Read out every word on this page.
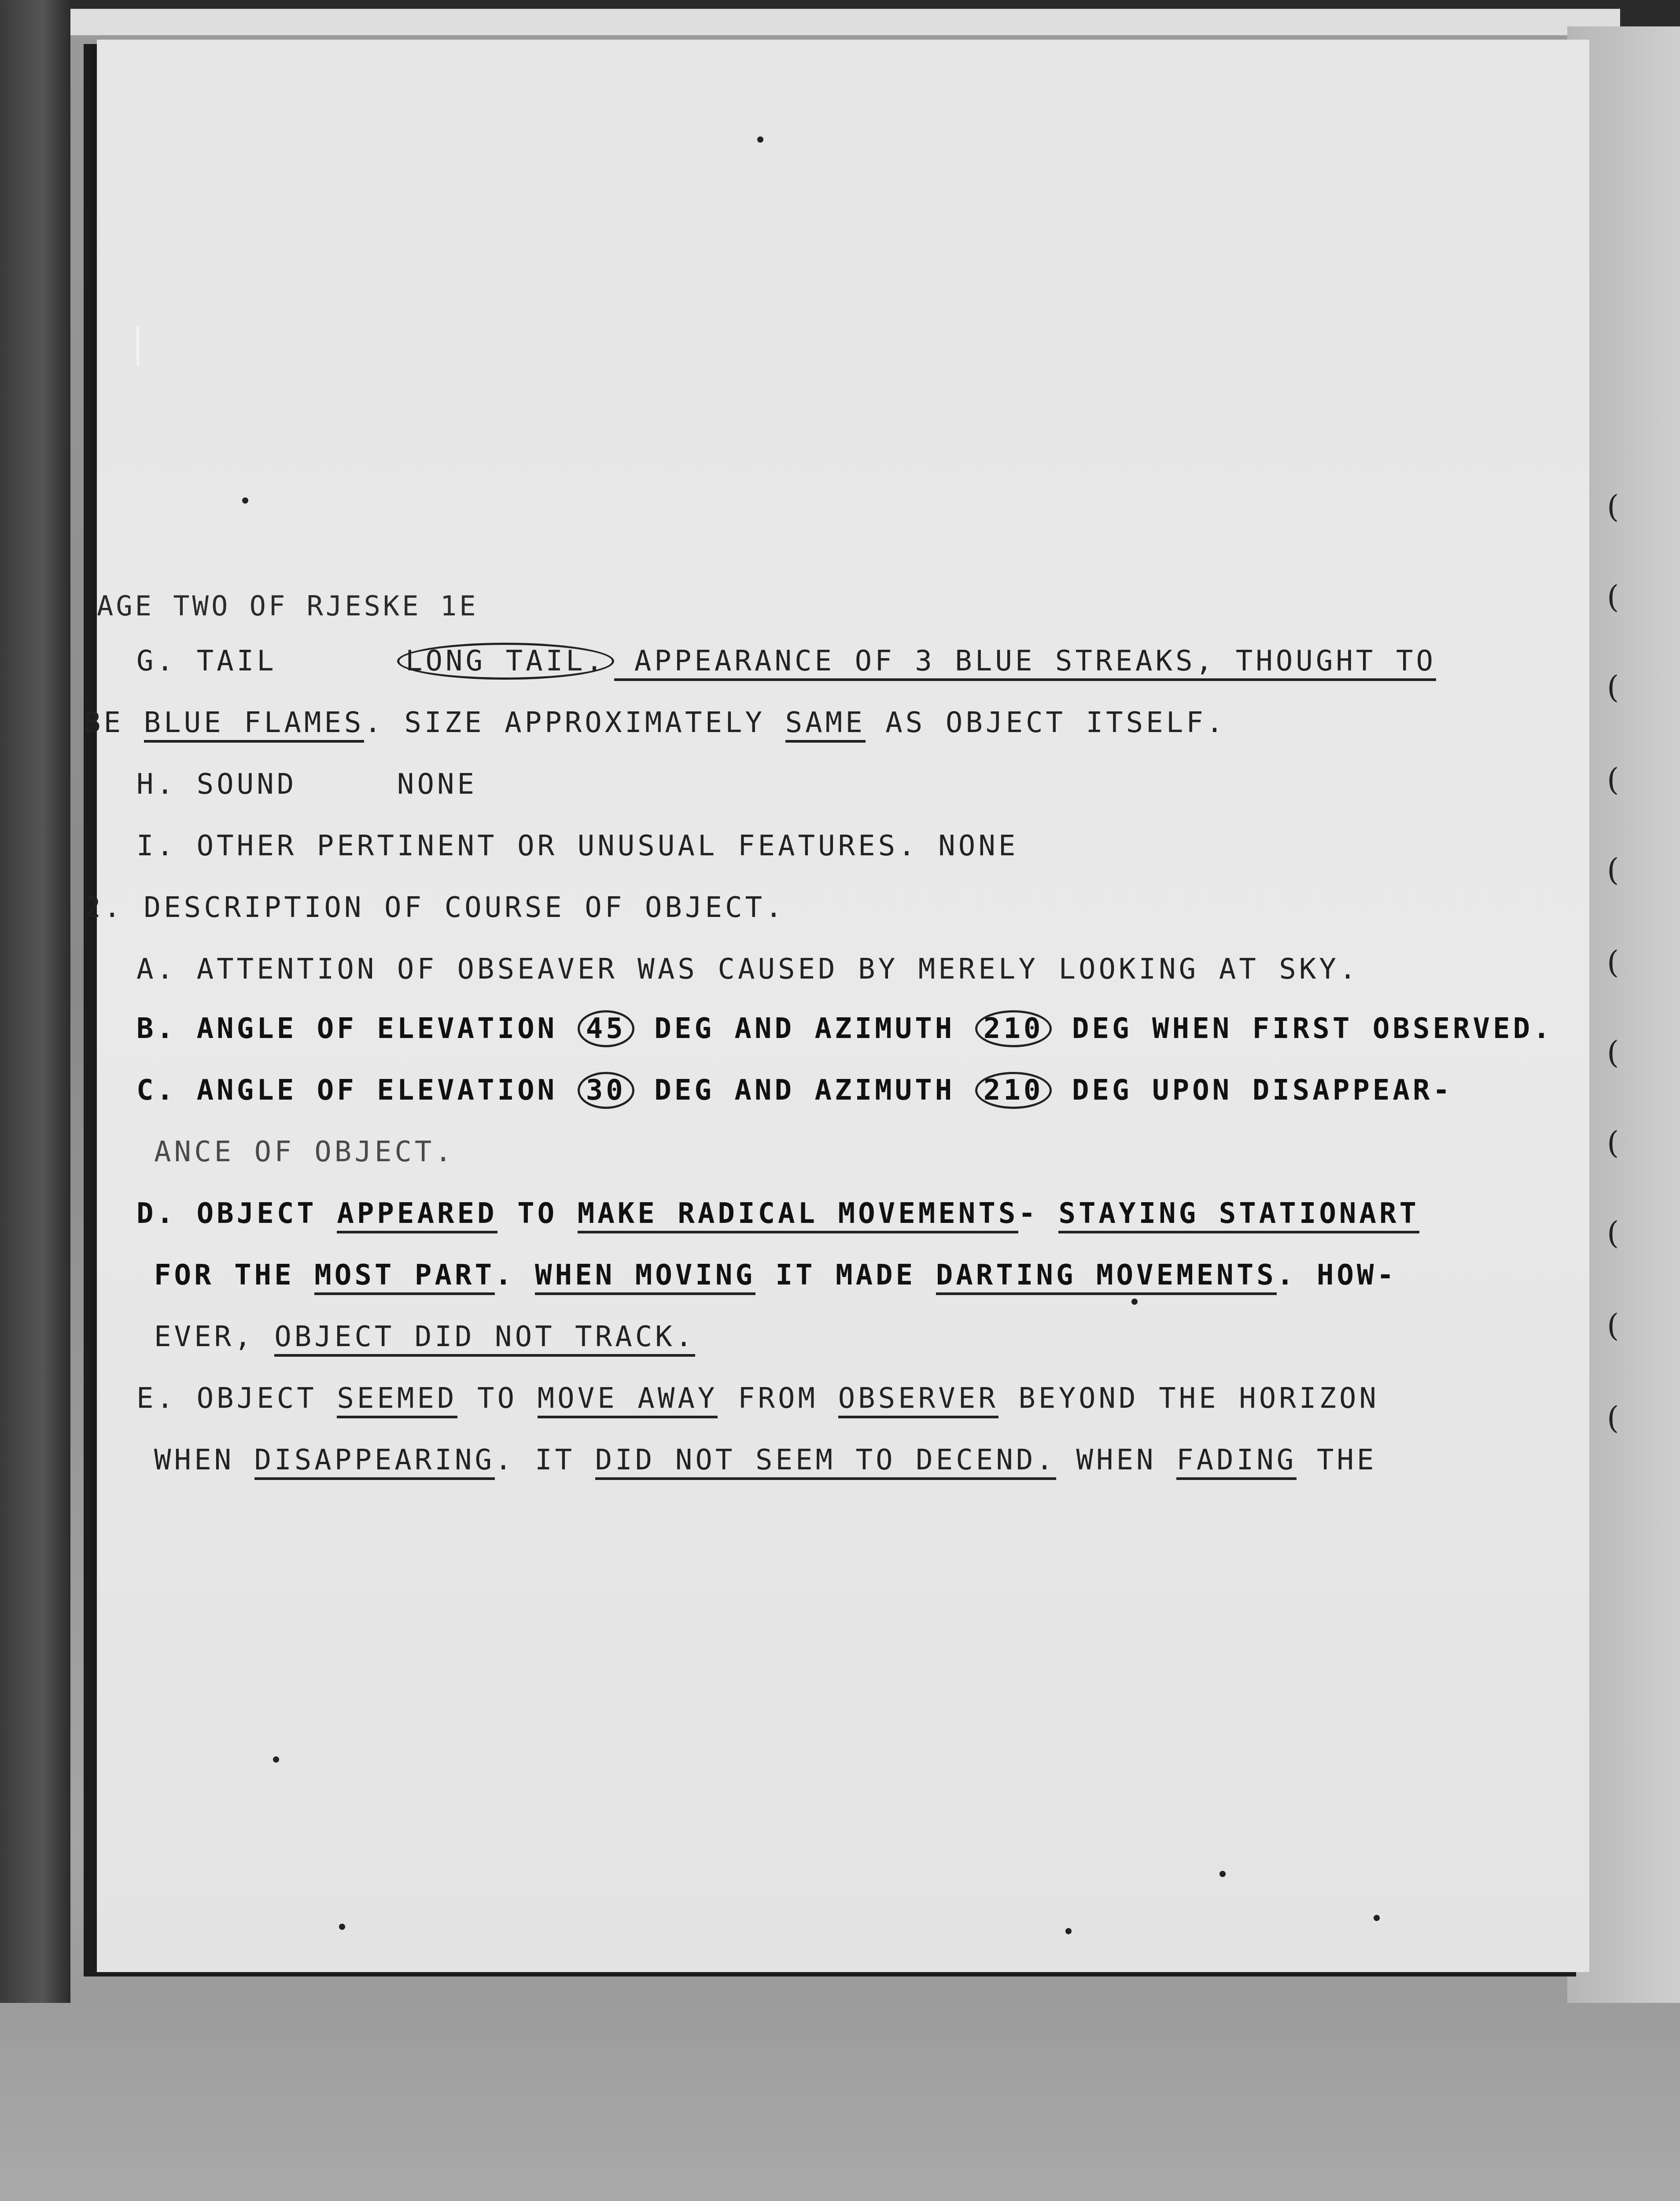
AGE TWO OF RJESKE 1E
G. TAIL	LONG TAIL. APPEARANCE OF 3 BLUE STREAKS, THOUGHT TO
BE BLUE FLAMES. SIZE APPROXIMATELY SAME AS OBJECT ITSELF.
H. SOUND	NONE
I. OTHER PERTINENT OR UNUSUAL FEATURES. NONE
2. DESCRIPTION OF COURSE OF OBJECT.
A. ATTENTION OF OBSEAVER WAS CAUSED BY MERELY LOOKING AT SKY.
B. ANGLE OF ELEVATION 45 DEG AND AZIMUTH 210 DEG WHEN FIRST OBSERVED.
C. ANGLE OF ELEVATION 30 DEG AND AZIMUTH 210 DEG UPON DISAPPEAR-
ANCE OF OBJECT.
D. OBJECT APPEARED TO MAKE RADICAL MOVEMENTS- STAYING STATIONART
FOR THE MOST PART. WHEN MOVING IT MADE DARTING MOVEMENTS. HOW-
EVER, OBJECT DID NOT TRACK.
E. OBJECT SEEMED TO MOVE AWAY FROM OBSERVER BEYOND THE HORIZON
WHEN DISAPPEARING. IT DID NOT SEEM TO DECEND. WHEN FADING THE
(
(
(
(
(
(
(
(
(
(
(
